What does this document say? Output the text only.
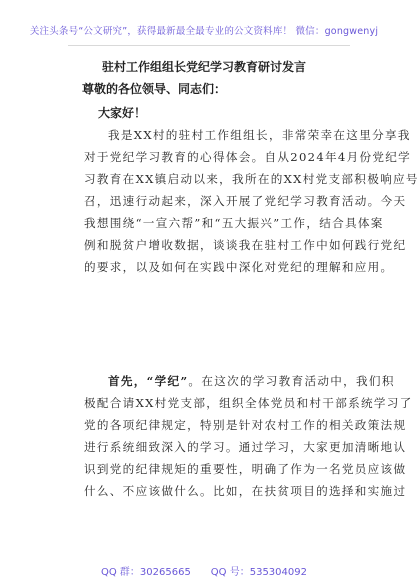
关注头条号“公文研究”，获得最新最全最专业的公文资料库！ 微信：gongwenyj
驻村工作组组长党纪学习教育研讨发言
尊敬的各位领导、同志们：
大家好！
我是XX村的驻村工作组组长，非常荣幸在这里分享我
对于党纪学习教育的心得体会。自从2024年4月份党纪学
习教育在XX镇启动以来，我所在的XX村党支部积极响应号
召，迅速行动起来，深入开展了党纪学习教育活动。今天
我想围绕“一宣六帮”和“五大振兴”工作，结合具体案
例和脱贫户增收数据，谈谈我在驻村工作中如何践行党纪
的要求，以及如何在实践中深化对党纪的理解和应用。
首先，“学纪”。在这次的学习教育活动中，我们积
极配合请XX村党支部，组织全体党员和村干部系统学习了
党的各项纪律规定，特别是针对农村工作的相关政策法规
进行系统细致深入的学习。通过学习，大家更加清晰地认
识到党的纪律规矩的重要性，明确了作为一名党员应该做
什么、不应该做什么。比如，在扶贫项目的选择和实施过
QQ 群：30265665　　QQ 号：535304092
